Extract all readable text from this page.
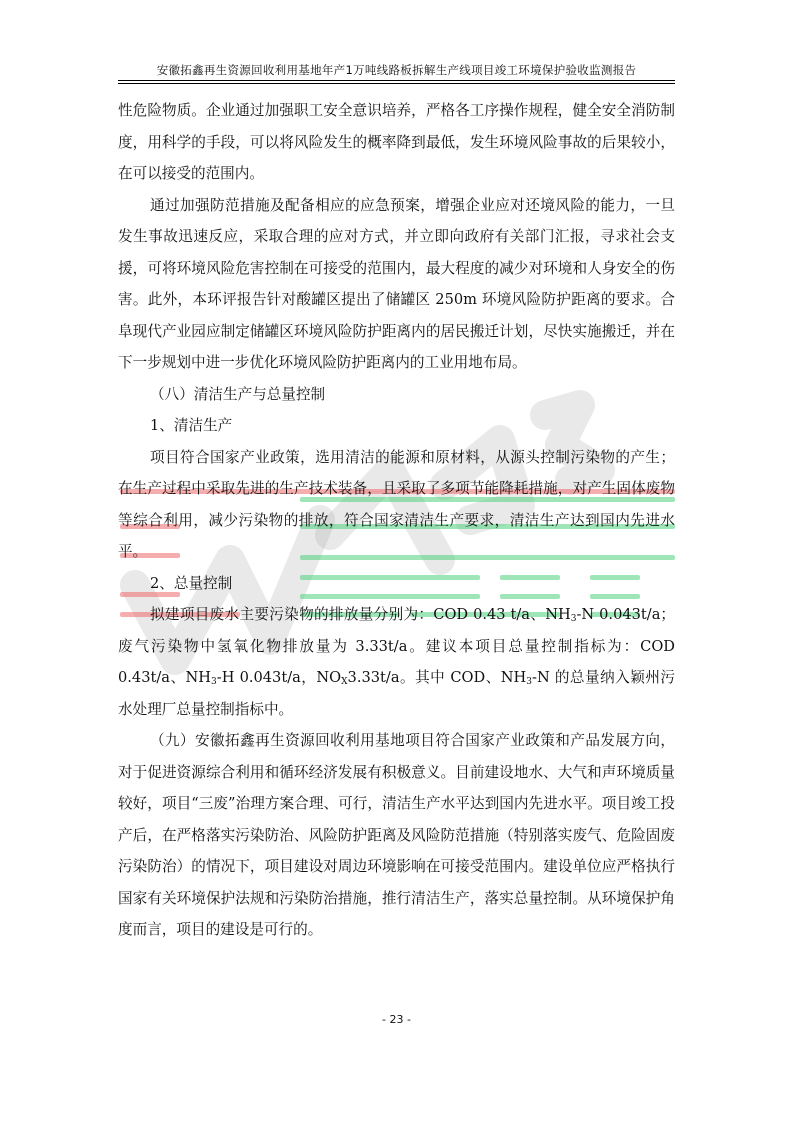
安徽拓鑫再生资源回收利用基地年产1万吨线路板拆解生产线项目竣工环境保护验收监测报告

性危险物质。企业通过加强职工安全意识培养，严格各工序操作规程，健全安全消防制度，用科学的手段，可以将风险发生的概率降到最低，发生环境风险事故的后果较小，在可以接受的范围内。

通过加强防范措施及配备相应的应急预案，增强企业应对还境风险的能力，一旦发生事故迅速反应，采取合理的应对方式，并立即向政府有关部门汇报，寻求社会支援，可将环境风险危害控制在可接受的范围内，最大程度的减少对环境和人身安全的伤害。此外，本环评报告针对酸罐区提出了储罐区 250m 环境风险防护距离的要求。合阜现代产业园应制定储罐区环境风险防护距离内的居民搬迁计划，尽快实施搬迁，并在下一步规划中进一步优化环境风险防护距离内的工业用地布局。

（八）清洁生产与总量控制

1、清洁生产

项目符合国家产业政策，选用清洁的能源和原材料，从源头控制污染物的产生；在生产过程中采取先进的生产技术装备，且采取了多项节能降耗措施，对产生固体废物等综合利用，减少污染物的排放，符合国家清洁生产要求，清洁生产达到国内先进水平。

2、总量控制

拟建项目废水主要污染物的排放量分别为：COD 0.43 t/a、$NH_3-N$ 0.043t/a；废气污染物中氢氧化物排放量为 3.33t/a。建议本项目总量控制指标为：COD 0.43t/a、$NH_3-H$ 0.043t/a，$NO_X3.33t/a$。其中 COD、$NH_3-N$ 的总量纳入颖州污水处理厂总量控制指标中。

（九）安徽拓鑫再生资源回收利用基地项目符合国家产业政策和产品发展方向，对于促进资源综合利用和循环经济发展有积极意义。目前建设地水、大气和声环境质量较好，项目“三废”治理方案合理、可行，清洁生产水平达到国内先进水平。项目竣工投产后，在严格落实污染防治、风险防护距离及风险防范措施（特别落实废气、危险固废污染防治）的情况下，项目建设对周边环境影响在可接受范围内。建设单位应严格执行国家有关环境保护法规和污染防治措施，推行清洁生产，落实总量控制。从环境保护角度而言，项目的建设是可行的。

- 23 -
